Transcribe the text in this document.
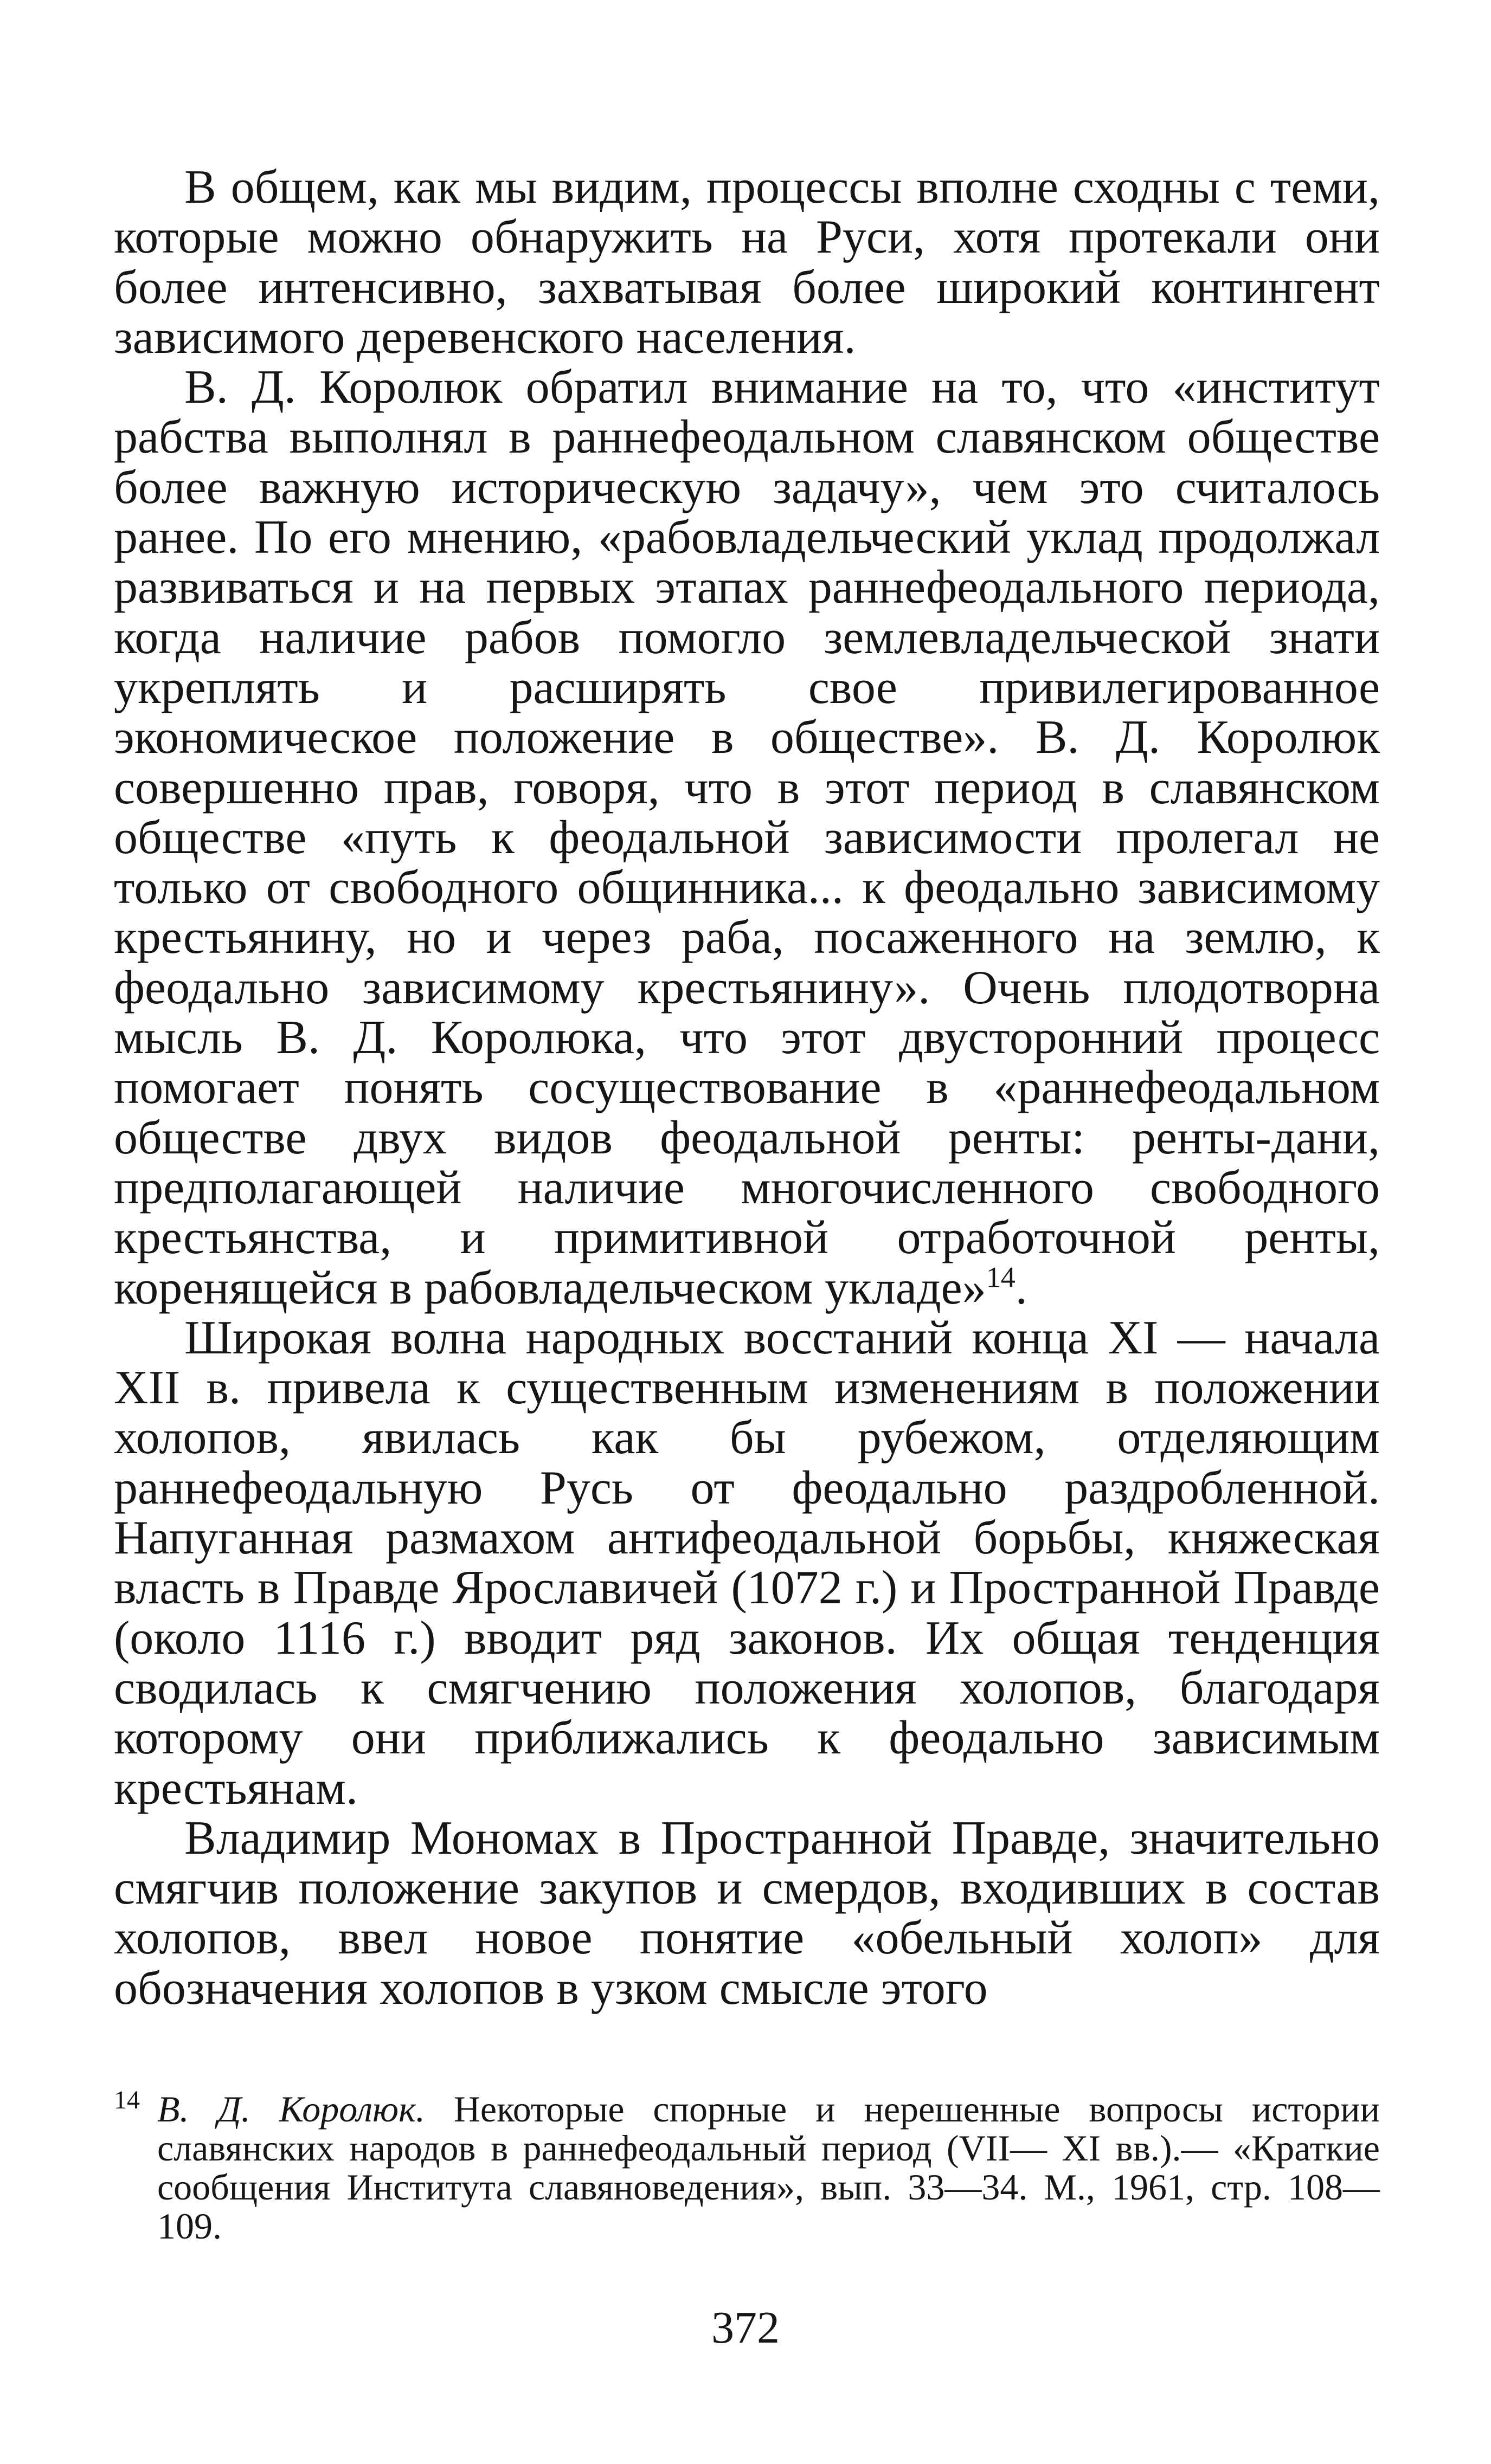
В общем, как мы видим, процессы вполне сходны с теми, которые можно обнаружить на Руси, хотя протекали они более интенсивно, захватывая более широкий контингент зависимого деревенского населения.

В. Д. Королюк обратил внимание на то, что «институт рабства выполнял в раннефеодальном славянском обществе более важную историческую задачу», чем это считалось ранее. По его мнению, «рабовладельческий уклад продолжал развиваться и на первых этапах раннефеодального периода, когда наличие рабов помогло землевладельческой знати укреплять и расширять свое привилегированное экономическое положение в обществе». В. Д. Королюк совершенно прав, говоря, что в этот период в славянском обществе «путь к феодальной зависимости пролегал не только от свободного общинника... к феодально зависимому крестьянину, но и через раба, посаженного на землю, к феодально зависимому крестьянину». Очень плодотворна мысль В. Д. Королюка, что этот двусторонний процесс помогает понять сосуществование в «раннефеодальном обществе двух видов феодальной ренты: ренты-дани, предполагающей наличие многочисленного свободного крестьянства, и примитивной отработочной ренты, коренящейся в рабовладельческом укладе»$^{14}$.

Широкая волна народных восстаний конца XI — начала XII в. привела к существенным изменениям в положении холопов, явилась как бы рубежом, отделяющим раннефеодальную Русь от феодально раздробленной. Напуганная размахом антифеодальной борьбы, княжеская власть в Правде Ярославичей (1072 г.) и Пространной Правде (около 1116 г.) вводит ряд законов. Их общая тенденция сводилась к смягчению положения холопов, благодаря которому они приближались к феодально зависимым крестьянам.

Владимир Мономах в Пространной Правде, значительно смягчив положение закупов и смердов, входивших в состав холопов, ввел новое понятие «обельный холоп» для обозначения холопов в узком смысле этого

14 В. Д. Королюк. Некоторые спорные и нерешенные вопросы истории славянских народов в раннефеодальный период (VII— XI вв.).— «Краткие сообщения Института славяноведения», вып. 33—34. М., 1961, стр. 108—109.

372
